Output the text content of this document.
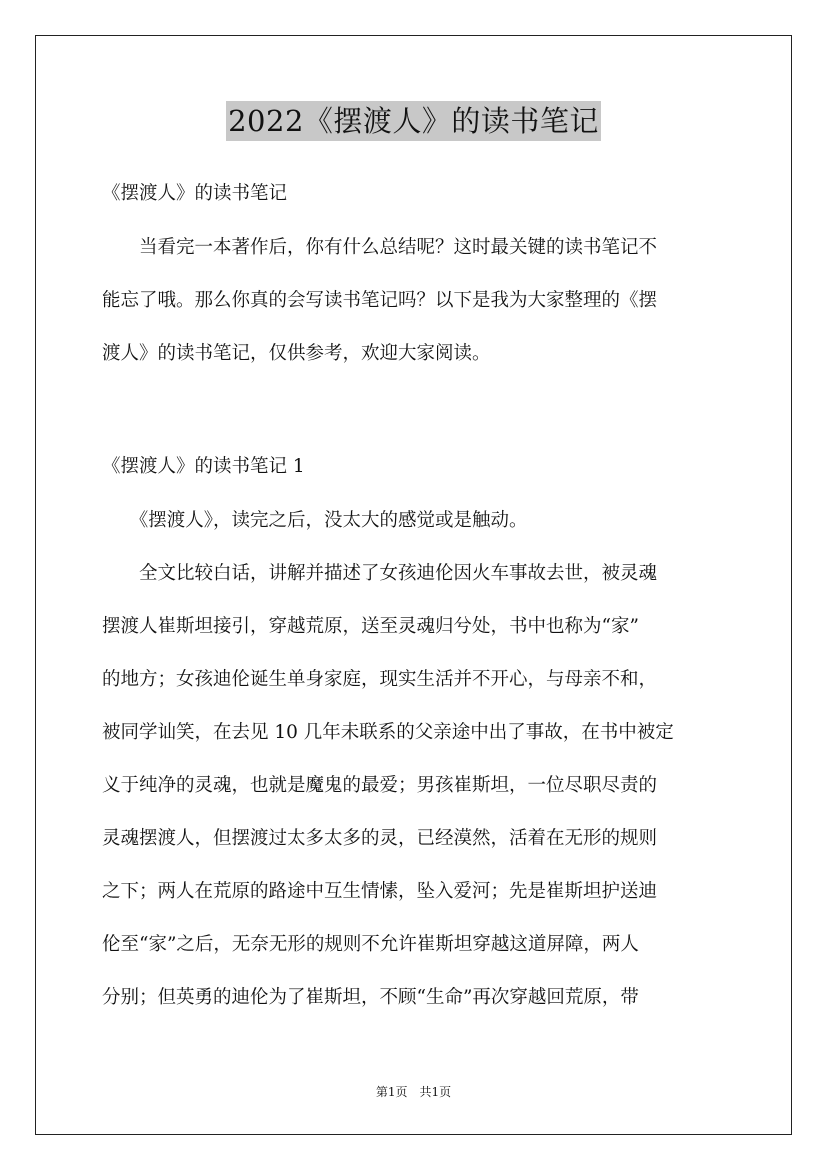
2022《摆渡人》的读书笔记
《摆渡人》的读书笔记
　　当看完一本著作后，你有什么总结呢？这时最关键的读书笔记不
能忘了哦。那么你真的会写读书笔记吗？以下是我为大家整理的《摆
渡人》的读书笔记，仅供参考，欢迎大家阅读。
《摆渡人》的读书笔记 1
　　《摆渡人》，读完之后，没太大的感觉或是触动。
　　全文比较白话，讲解并描述了女孩迪伦因火车事故去世，被灵魂
摆渡人崔斯坦接引，穿越荒原，送至灵魂归兮处，书中也称为“家”
的地方；女孩迪伦诞生单身家庭，现实生活并不开心，与母亲不和，
被同学讪笑，在去见 10 几年未联系的父亲途中出了事故，在书中被定
义于纯净的灵魂，也就是魔鬼的最爱；男孩崔斯坦，一位尽职尽责的
灵魂摆渡人，但摆渡过太多太多的灵，已经漠然，活着在无形的规则
之下；两人在荒原的路途中互生情愫，坠入爱河；先是崔斯坦护送迪
伦至“家”之后，无奈无形的规则不允许崔斯坦穿越这道屏障，两人
分别；但英勇的迪伦为了崔斯坦，不顾“生命”再次穿越回荒原，带
第1页　共1页
